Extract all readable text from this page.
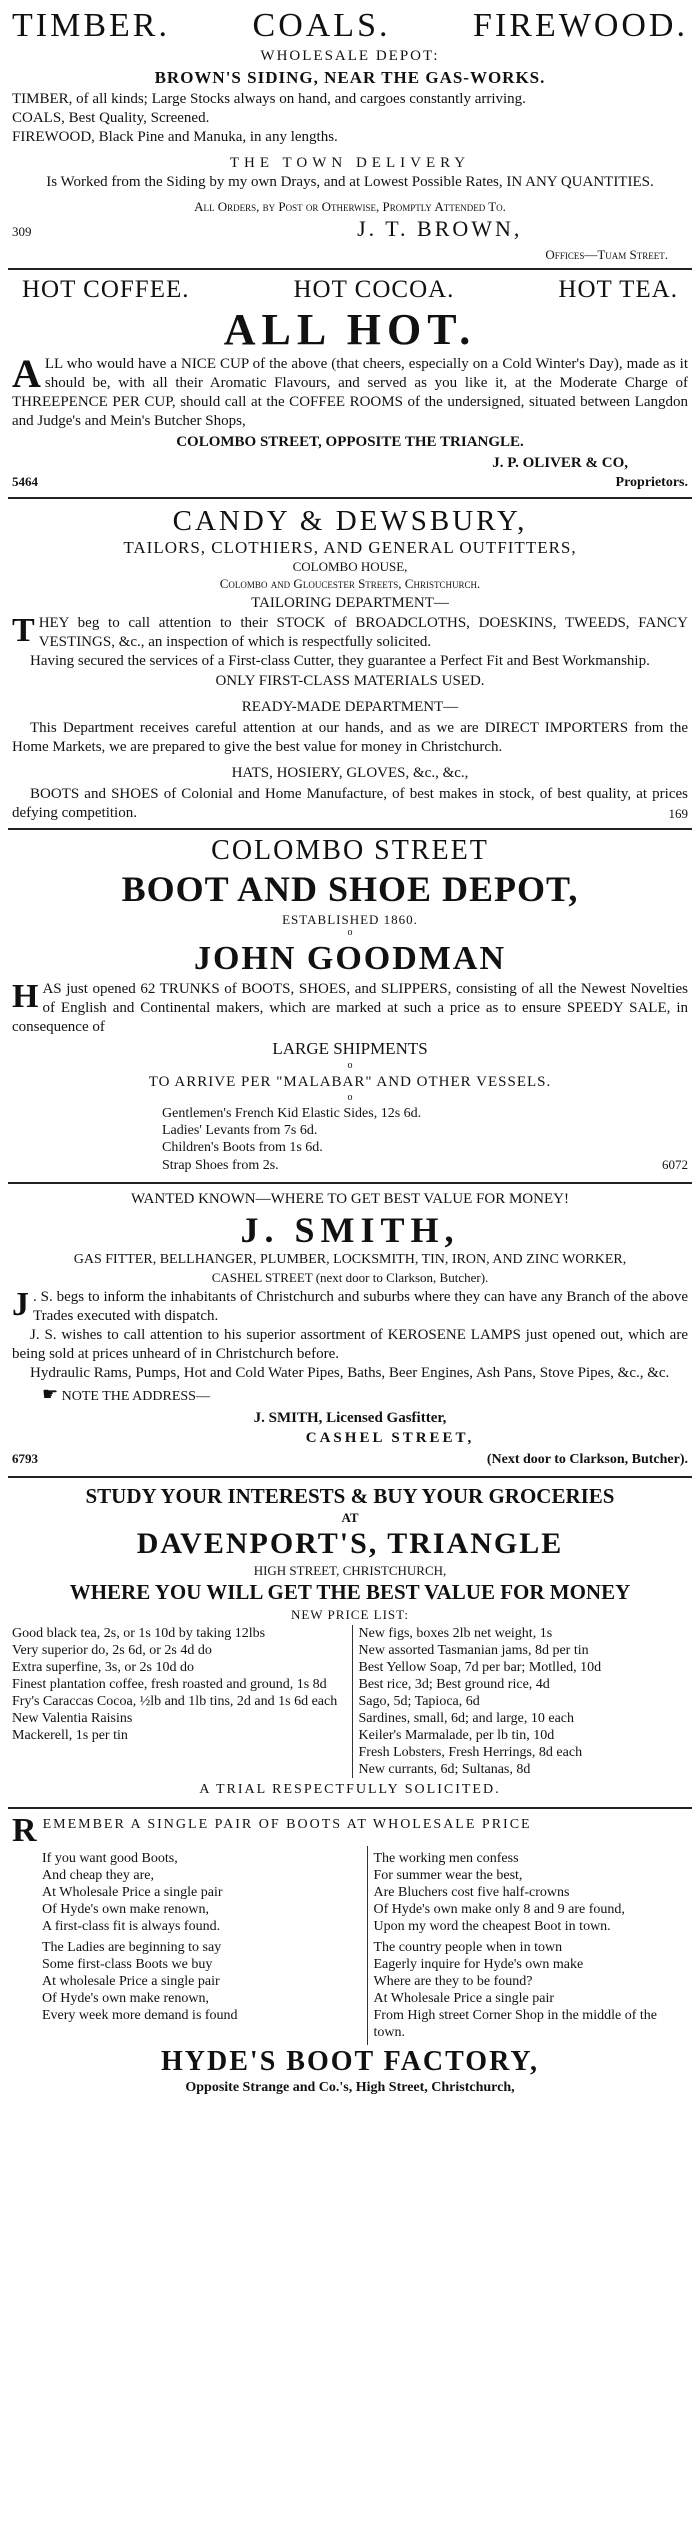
TIMBER. COALS. FIREWOOD.
WHOLESALE DEPOT:
BROWN'S SIDING, NEAR THE GAS-WORKS.

TIMBER, of all kinds; Large Stocks always on hand, and cargoes constantly arriving.

COALS, Best Quality, Screened.

FIREWOOD, Black Pine and Manuka, in any lengths.

THE TOWN DELIVERY
Is Worked from the Siding by my own Drays, and at Lowest Possible Rates, IN ANY QUANTITIES.
All Orders, by Post or Otherwise, Promptly Attended To.
309	J. T. BROWN,
Offices—Tuam Street.
HOT COFFEE.	HOT COCOA.	HOT TEA.
ALL HOT.

ALL who would have a NICE CUP of the above (that cheers, especially on a Cold Winter's Day), made as it should be, with all their Aromatic Flavours, and served as you like it, at the Moderate Charge of THREEPENCE PER CUP, should call at the COFFEE ROOMS of the undersigned, situated between Langdon and Judge's and Mein's Butcher Shops,

COLOMBO STREET, OPPOSITE THE TRIANGLE.
J. P. OLIVER & CO,
5464	Proprietors.
CANDY & DEWSBURY,
TAILORS, CLOTHIERS, AND GENERAL OUTFITTERS,
COLOMBO HOUSE,
Colombo and Gloucester Streets, Christchurch.
TAILORING DEPARTMENT—

THEY beg to call attention to their STOCK of BROADCLOTHS, DOESKINS, TWEEDS, FANCY VESTINGS, &c., an inspection of which is respectfully solicited.

Having secured the services of a First-class Cutter, they guarantee a Perfect Fit and Best Workmanship.

ONLY FIRST-CLASS MATERIALS USED.
READY-MADE DEPARTMENT—

This Department receives careful attention at our hands, and as we are DIRECT IMPORTERS from the Home Markets, we are prepared to give the best value for money in Christchurch.

HATS, HOSIERY, GLOVES, &c., &c.,

BOOTS and SHOES of Colonial and Home Manufacture, of best makes in stock, of best quality, at prices defying competition.	169

COLOMBO STREET
BOOT AND SHOE DEPOT,
ESTABLISHED 1860.
o
JOHN GOODMAN

HAS just opened 62 TRUNKS of BOOTS, SHOES, and SLIPPERS, consisting of all the Newest Novelties of English and Continental makers, which are marked at such a price as to ensure SPEEDY SALE, in consequence of

LARGE SHIPMENTS
o
TO ARRIVE PER "MALABAR" AND OTHER VESSELS.
o
Gentlemen's French Kid Elastic Sides, 12s 6d.
Ladies' Levants from 7s 6d.
Children's Boots from 1s 6d.
Strap Shoes from 2s.	6072
WANTED KNOWN—WHERE TO GET BEST VALUE FOR MONEY!
J. SMITH,
GAS FITTER, BELLHANGER, PLUMBER, LOCKSMITH, TIN, IRON, AND ZINC WORKER,
CASHEL STREET (next door to Clarkson, Butcher).

J . S. begs to inform the inhabitants of Christchurch and suburbs where they can have any Branch of the above Trades executed with dispatch.

J. S. wishes to call attention to his superior assortment of KEROSENE LAMPS just opened out, which are being sold at prices unheard of in Christchurch before.

Hydraulic Rams, Pumps, Hot and Cold Water Pipes, Baths, Beer Engines, Ash Pans, Stove Pipes, &c., &c.

☛ NOTE THE ADDRESS—
J. SMITH, Licensed Gasfitter,
CASHEL STREET,
6793	(Next door to Clarkson, Butcher).
STUDY YOUR INTERESTS & BUY YOUR GROCERIES
AT
DAVENPORT'S, TRIANGLE
HIGH STREET, CHRISTCHURCH,
WHERE YOU WILL GET THE BEST VALUE FOR MONEY
NEW PRICE LIST:
Good black tea, 2s, or 1s 10d by taking 12lbs
Very superior do, 2s 6d, or 2s 4d do
Extra superfine, 3s, or 2s 10d do
Finest plantation coffee, fresh roasted and ground, 1s 8d
Fry's Caraccas Cocoa, ½lb and 1lb tins, 2d and 1s 6d each
New Valentia Raisins
Mackerell, 1s per tin
New figs, boxes 2lb net weight, 1s
New assorted Tasmanian jams, 8d per tin
Best Yellow Soap, 7d per bar; Motlled, 10d
Best rice, 3d; Best ground rice, 4d
Sago, 5d; Tapioca, 6d
Sardines, small, 6d; and large, 10 each
Keiler's Marmalade, per lb tin, 10d
Fresh Lobsters, Fresh Herrings, 8d each
New currants, 6d; Sultanas, 8d
A TRIAL RESPECTFULLY SOLICITED.
REMEMBER A SINGLE PAIR OF BOOTS AT WHOLESALE PRICE
If you want good Boots,
And cheap they are,
At Wholesale Price a single pair
Of Hyde's own make renown,
A first-class fit is always found.
The Ladies are beginning to say
Some first-class Boots we buy
At wholesale Price a single pair
Of Hyde's own make renown,
Every week more demand is found
The working men confess
For summer wear the best,
Are Bluchers cost five half-crowns
Of Hyde's own make only 8 and 9 are found,
Upon my word the cheapest Boot in town.
The country people when in town
Eagerly inquire for Hyde's own make
Where are they to be found?
At Wholesale Price a single pair
From High street Corner Shop in the middle of the town.
HYDE'S BOOT FACTORY,
Opposite Strange and Co.'s, High Street, Christchurch,
